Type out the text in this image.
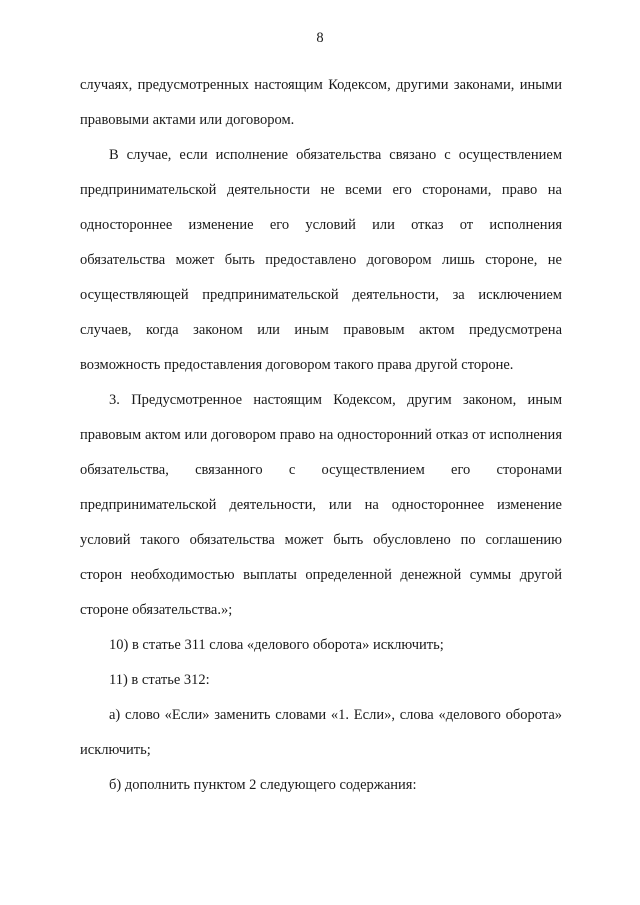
8

случаях, предусмотренных настоящим Кодексом, другими законами, иными правовыми актами или договором.

В случае, если исполнение обязательства связано с осуществлением предпринимательской деятельности не всеми его сторонами, право на одностороннее изменение его условий или отказ от исполнения обязательства может быть предоставлено договором лишь стороне, не осуществляющей предпринимательской деятельности, за исключением случаев, когда законом или иным правовым актом предусмотрена возможность предоставления договором такого права другой стороне.

3. Предусмотренное настоящим Кодексом, другим законом, иным правовым актом или договором право на односторонний отказ от исполнения обязательства, связанного с осуществлением его сторонами предпринимательской деятельности, или на одностороннее изменение условий такого обязательства может быть обусловлено по соглашению сторон необходимостью выплаты определенной денежной суммы другой стороне обязательства.»;

10) в статье 311 слова «делового оборота» исключить;

11) в статье 312:

а) слово «Если» заменить словами «1. Если», слова «делового оборота» исключить;

б) дополнить пунктом 2 следующего содержания:
